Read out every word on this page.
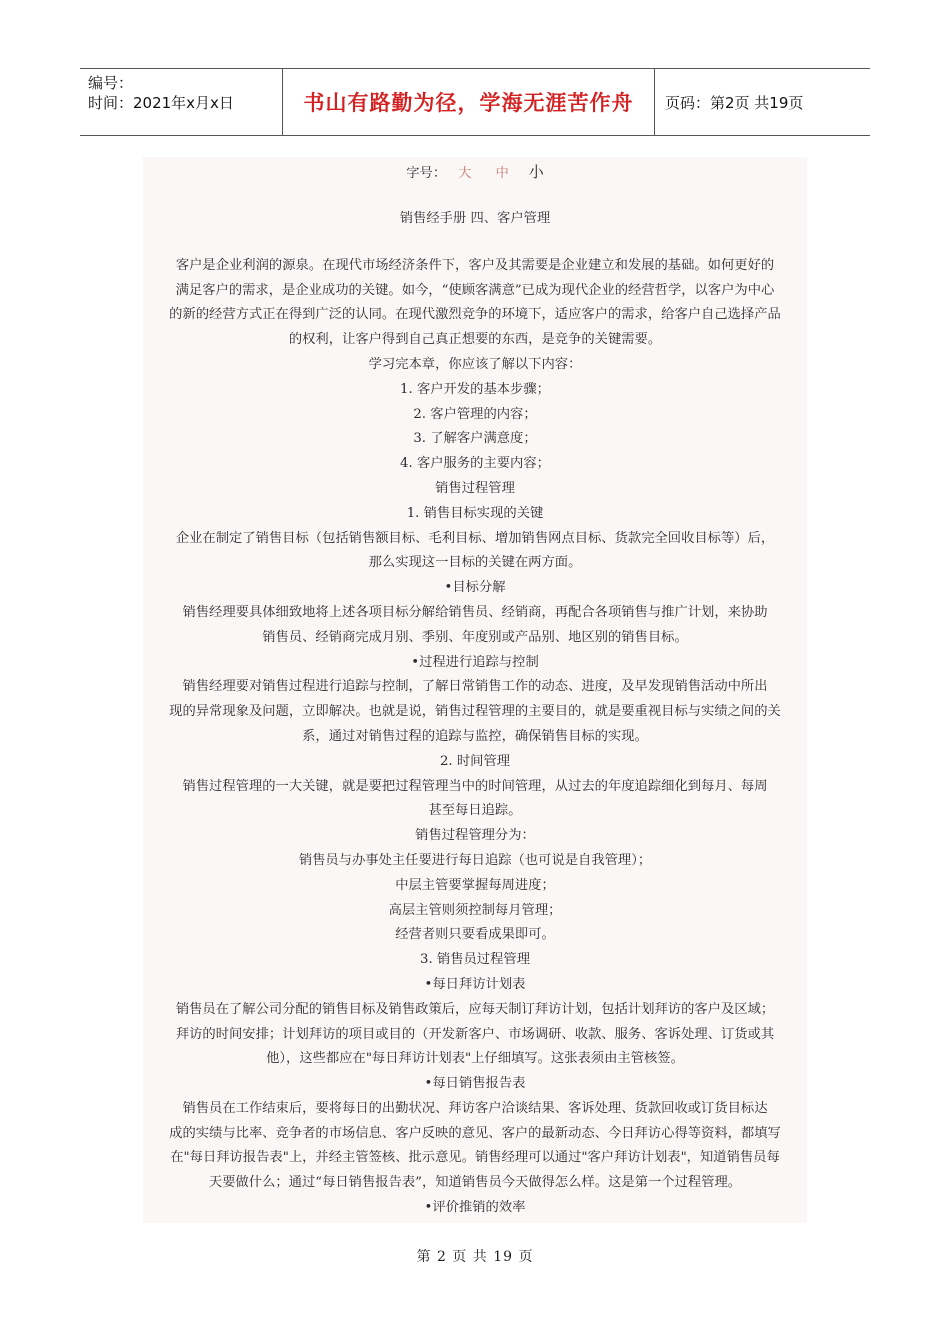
编号：
时间：2021年x月x日	书山有路勤为径，学海无涯苦作舟	页码：第2页 共19页
字号： 大 中 小
销售经手册 四、客户管理
客户是企业利润的源泉。在现代市场经济条件下，客户及其需要是企业建立和发展的基础。如何更好的
满足客户的需求，是企业成功的关键。如今，“使顾客满意”已成为现代企业的经营哲学，以客户为中心
的新的经营方式正在得到广泛的认同。在现代激烈竞争的环境下，适应客户的需求，给客户自己选择产品
的权利，让客户得到自己真正想要的东西，是竞争的关键需要。
学习完本章，你应该了解以下内容：
1. 客户开发的基本步骤；
2. 客户管理的内容；
3. 了解客户满意度；
4. 客户服务的主要内容；
销售过程管理
1. 销售目标实现的关键
企业在制定了销售目标（包括销售额目标、毛利目标、增加销售网点目标、货款完全回收目标等）后，
那么实现这一目标的关键在两方面。
•目标分解
销售经理要具体细致地将上述各项目标分解给销售员、经销商，再配合各项销售与推广计划，来协助
销售员、经销商完成月别、季别、年度别或产品别、地区别的销售目标。
•过程进行追踪与控制
销售经理要对销售过程进行追踪与控制，了解日常销售工作的动态、进度，及早发现销售活动中所出
现的异常现象及问题，立即解决。也就是说，销售过程管理的主要目的，就是要重视目标与实绩之间的关
系，通过对销售过程的追踪与监控，确保销售目标的实现。
2. 时间管理
销售过程管理的一大关键，就是要把过程管理当中的时间管理，从过去的年度追踪细化到每月、每周
甚至每日追踪。
销售过程管理分为：
销售员与办事处主任要进行每日追踪（也可说是自我管理）；
中层主管要掌握每周进度；
高层主管则须控制每月管理；
经营者则只要看成果即可。
3. 销售员过程管理
•每日拜访计划表
销售员在了解公司分配的销售目标及销售政策后，应每天制订拜访计划，包括计划拜访的客户及区域；
拜访的时间安排；计划拜访的项目或目的（开发新客户、市场调研、收款、服务、客诉处理、订货或其
他），这些都应在"每日拜访计划表"上仔细填写。这张表须由主管核签。
•每日销售报告表
销售员在工作结束后，要将每日的出勤状况、拜访客户洽谈结果、客诉处理、货款回收或订货目标达
成的实绩与比率、竞争者的市场信息、客户反映的意见、客户的最新动态、今日拜访心得等资料，都填写
在"每日拜访报告表"上，并经主管签核、批示意见。销售经理可以通过"客户拜访计划表"，知道销售员每
天要做什么；通过“每日销售报告表”，知道销售员今天做得怎么样。这是第一个过程管理。
•评价推销的效率
第 2 页 共 19 页
